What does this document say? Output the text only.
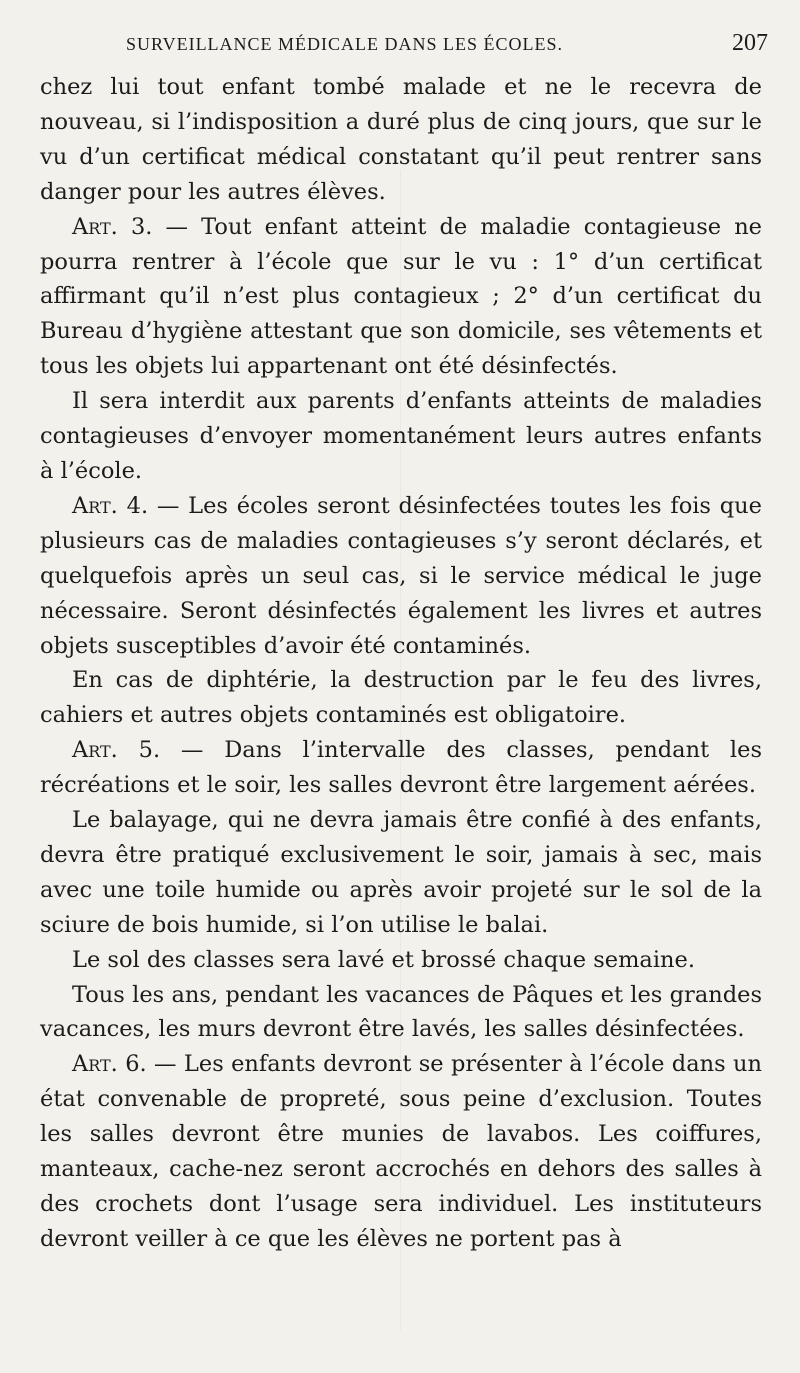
SURVEILLANCE MÉDICALE DANS LES ÉCOLES.	207

chez lui tout enfant tombé malade et ne le recevra de nouveau, si l’indisposition a duré plus de cinq jours, que sur le vu d’un certificat médical constatant qu’il peut rentrer sans danger pour les autres élèves.

Art. 3. — Tout enfant atteint de maladie contagieuse ne pourra rentrer à l’école que sur le vu : 1° d’un certificat affirmant qu’il n’est plus contagieux ; 2° d’un certificat du Bureau d’hygiène attestant que son domicile, ses vêtements et tous les objets lui appartenant ont été désinfectés.

Il sera interdit aux parents d’enfants atteints de maladies contagieuses d’envoyer momentanément leurs autres enfants à l’école.

Art. 4. — Les écoles seront désinfectées toutes les fois que plusieurs cas de maladies contagieuses s’y seront déclarés, et quelquefois après un seul cas, si le service médical le juge nécessaire. Seront désinfectés également les livres et autres objets susceptibles d’avoir été contaminés.

En cas de diphtérie, la destruction par le feu des livres, cahiers et autres objets contaminés est obligatoire.

Art. 5. — Dans l’intervalle des classes, pendant les récréations et le soir, les salles devront être largement aérées.

Le balayage, qui ne devra jamais être confié à des enfants, devra être pratiqué exclusivement le soir, jamais à sec, mais avec une toile humide ou après avoir projeté sur le sol de la sciure de bois humide, si l’on utilise le balai.

Le sol des classes sera lavé et brossé chaque semaine.

Tous les ans, pendant les vacances de Pâques et les grandes vacances, les murs devront être lavés, les salles désinfectées.

Art. 6. — Les enfants devront se présenter à l’école dans un état convenable de propreté, sous peine d’exclusion. Toutes les salles devront être munies de lavabos. Les coiffures, manteaux, cache-nez seront accrochés en dehors des salles à des crochets dont l’usage sera individuel. Les instituteurs devront veiller à ce que les élèves ne portent pas à
